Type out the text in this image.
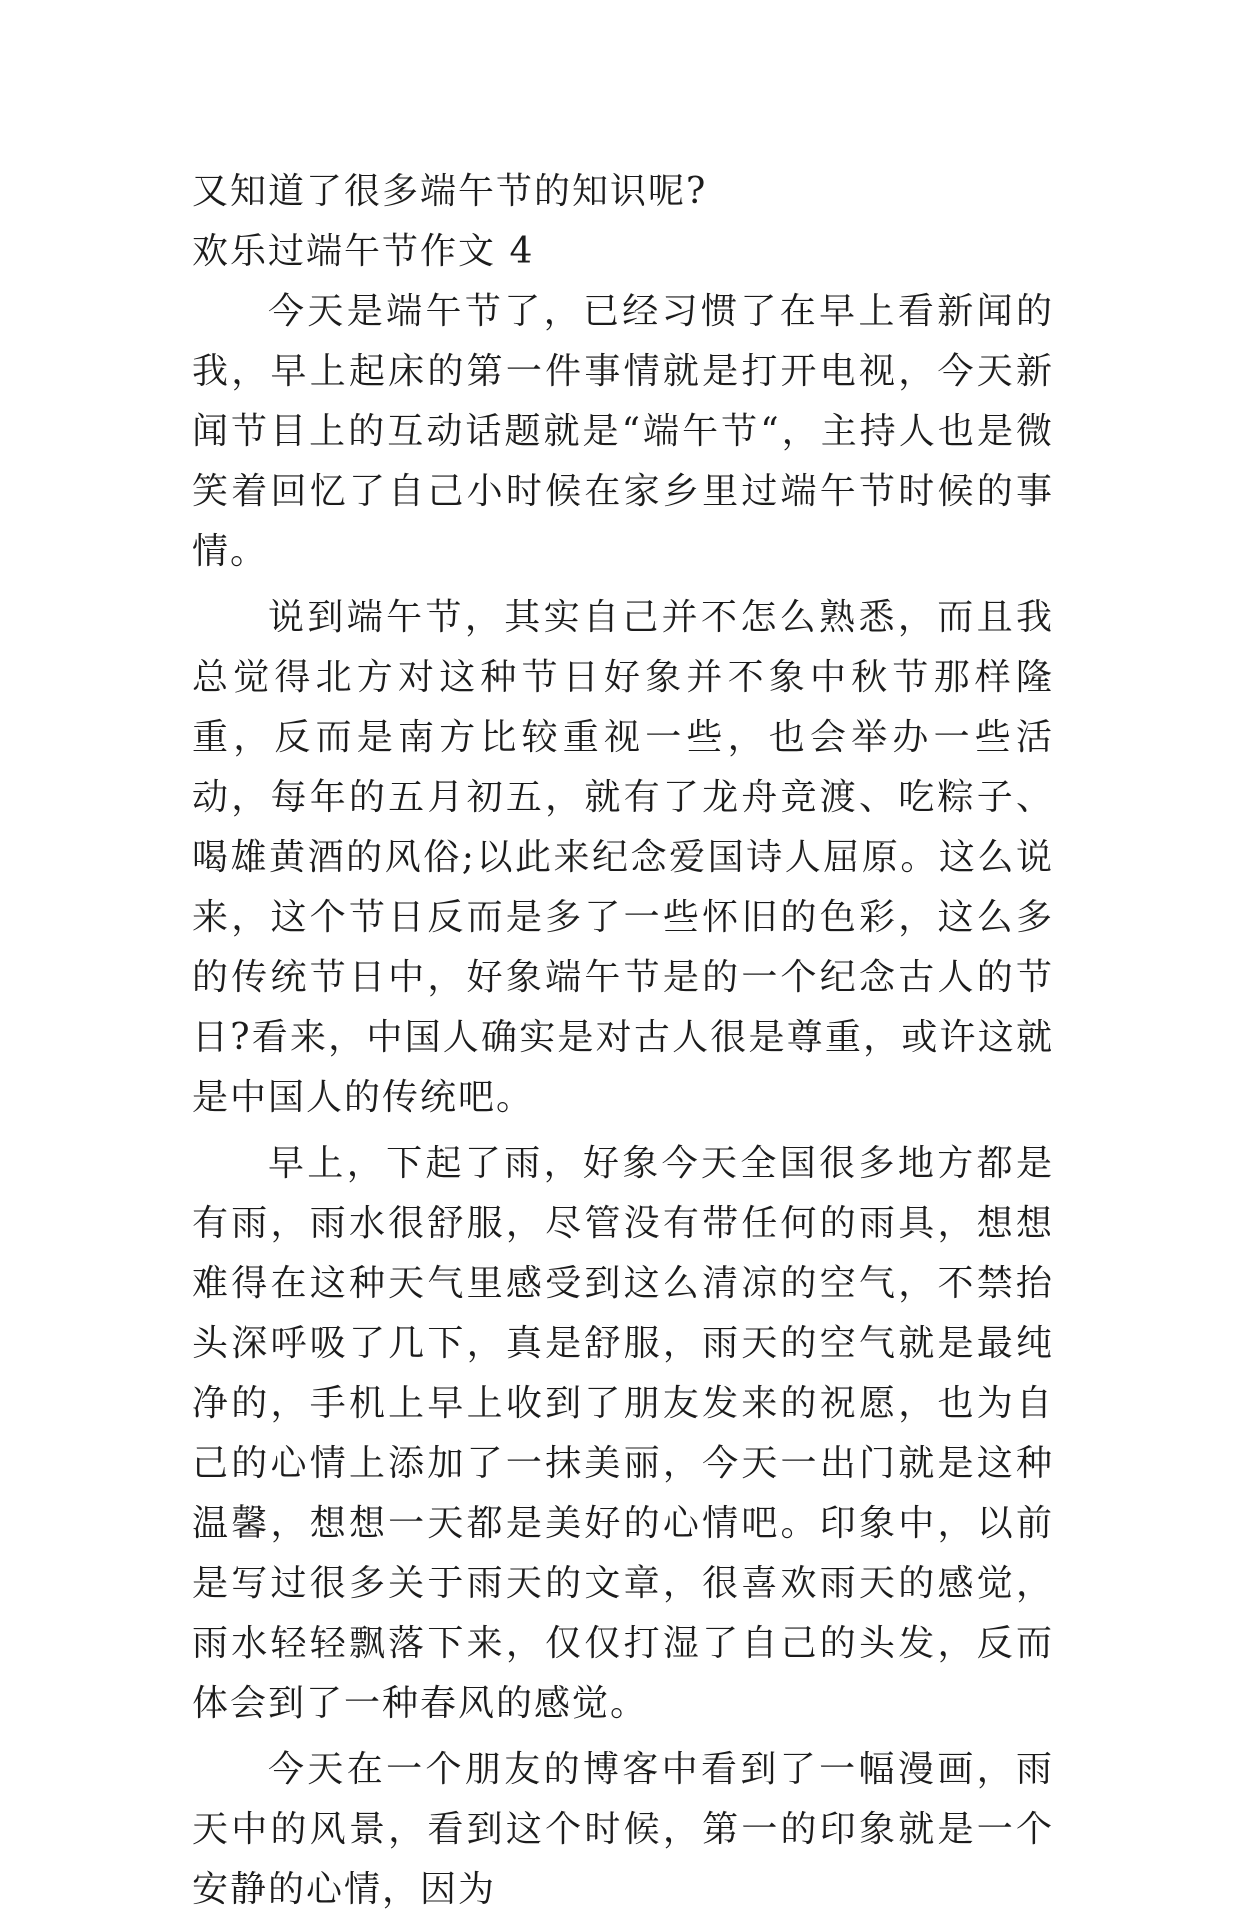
又知道了很多端午节的知识呢?

欢乐过端午节作文 4

今天是端午节了，已经习惯了在早上看新闻的我，早上起床的第一件事情就是打开电视，今天新闻节目上的互动话题就是“端午节“，主持人也是微笑着回忆了自己小时候在家乡里过端午节时候的事情。

说到端午节，其实自己并不怎么熟悉，而且我总觉得北方对这种节日好象并不象中秋节那样隆重，反而是南方比较重视一些，也会举办一些活动，每年的五月初五，就有了龙舟竞渡、吃粽子、喝雄黄酒的风俗;以此来纪念爱国诗人屈原。这么说来，这个节日反而是多了一些怀旧的色彩，这么多的传统节日中，好象端午节是的一个纪念古人的节日?看来，中国人确实是对古人很是尊重，或许这就是中国人的传统吧。

早上，下起了雨，好象今天全国很多地方都是有雨，雨水很舒服，尽管没有带任何的雨具，想想难得在这种天气里感受到这么清凉的空气，不禁抬头深呼吸了几下，真是舒服，雨天的空气就是最纯净的，手机上早上收到了朋友发来的祝愿，也为自己的心情上添加了一抹美丽，今天一出门就是这种温馨，想想一天都是美好的心情吧。印象中，以前是写过很多关于雨天的文章，很喜欢雨天的感觉，雨水轻轻飘落下来，仅仅打湿了自己的头发，反而体会到了一种春风的感觉。

今天在一个朋友的博客中看到了一幅漫画，雨天中的风景，看到这个时候，第一的印象就是一个安静的心情，因为
